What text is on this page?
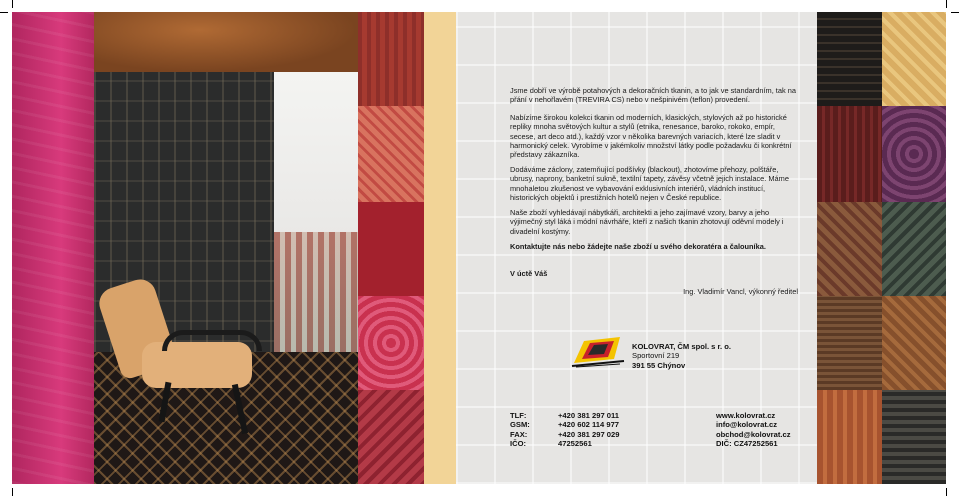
Jsme dobří ve výrobě potahových a dekoračních tkanin, a to jak ve standardním, tak na přání v nehořlavém (TREVIRA CS) nebo v nešpinivém (teflon) provedení.

Nabízíme širokou kolekci tkanin od moderních, klasických, stylových až po historické repliky mnoha světových kultur a stylů (etnika, renesance, baroko, rokoko, empír, secese, art deco atd.), každý vzor v několika barevných variacích, které lze sladit v harmonický celek. Vyrobíme v jakémkoliv množství látky podle požadavku či konkrétní představy zákazníka.

Dodáváme záclony, zatemňující podšívky (blackout), zhotovíme přehozy, polštáře, ubrusy, naprony, banketní sukně, textilní tapety, závěsy včetně jejich instalace. Máme mnohaletou zkušenost ve vybavování exklusivních interiérů, vládních institucí, historických objektů i prestižních hotelů nejen v České republice.

Naše zboží vyhledávají nábytkáři, architekti a jeho zajímavé vzory, barvy a jeho výjimečný styl láká i módní návrháře, kteří z našich tkanin zhotovují oděvní modely i divadelní kostýmy.

Kontaktujte nás nebo žádejte naše zboží u svého dekoratéra a čalouníka.

V úctě Váš

Ing. Vladimír Vancl, výkonný ředitel

KOLOVRAT, ČM spol. s r. o.
Sportovní 219
391 55 Chýnov
TLF:	+420 381 297 011
GSM:	+420 602 114 977
FAX:	+420 381 297 029
IČO:	47252561
www.kolovrat.cz
info@kolovrat.cz
obchod@kolovrat.cz
DIČ: CZ47252561
